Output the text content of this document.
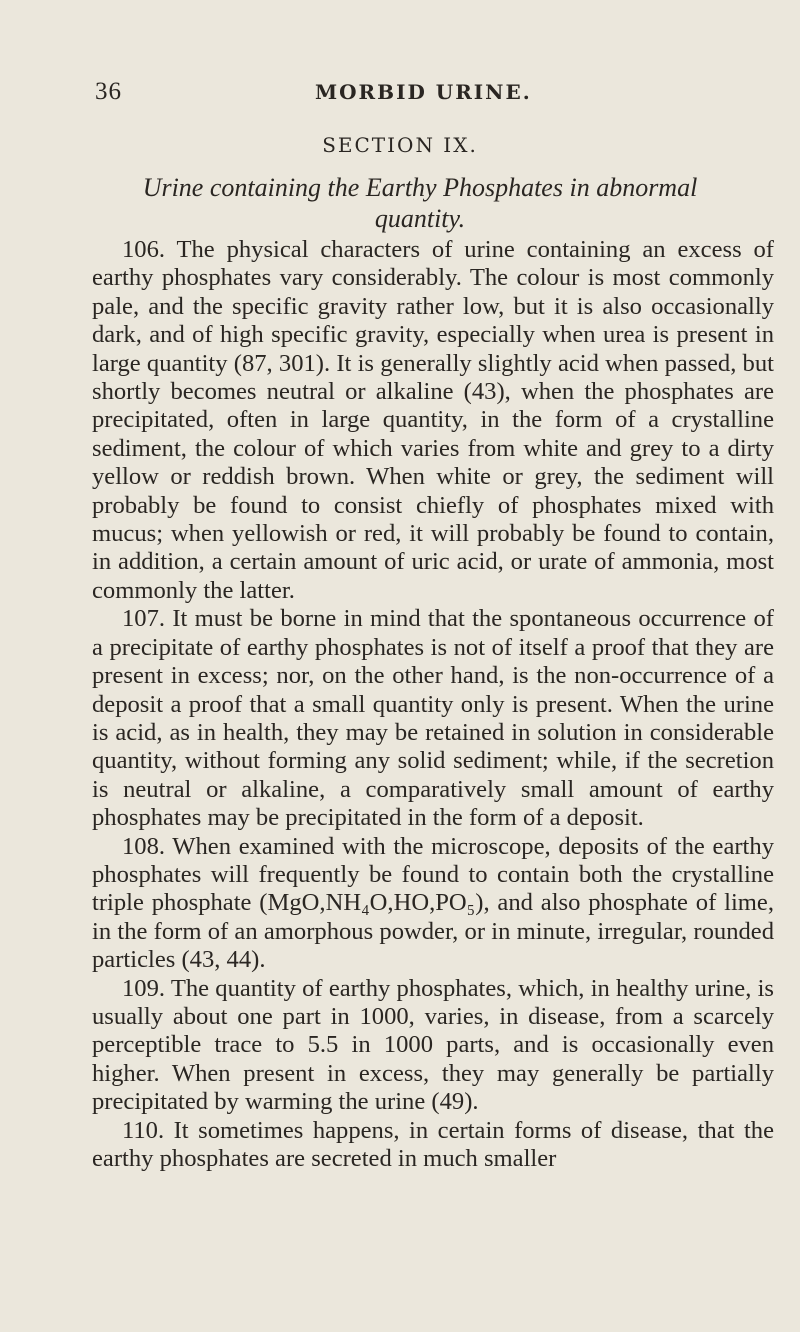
36	MORBID URINE.
SECTION IX.
Urine containing the Earthy Phosphates in abnormal quantity.

106. The physical characters of urine containing an excess of earthy phosphates vary considerably. The colour is most commonly pale, and the specific gravity rather low, but it is also occasionally dark, and of high specific gravity, especially when urea is present in large quantity (87, 301). It is generally slightly acid when passed, but shortly becomes neutral or alkaline (43), when the phosphates are precipitated, often in large quantity, in the form of a crystalline sediment, the colour of which varies from white and grey to a dirty yellow or reddish brown. When white or grey, the sediment will probably be found to consist chiefly of phosphates mixed with mucus; when yellowish or red, it will probably be found to contain, in addition, a certain amount of uric acid, or urate of ammonia, most commonly the latter.

107. It must be borne in mind that the spontaneous occurrence of a precipitate of earthy phosphates is not of itself a proof that they are present in excess; nor, on the other hand, is the non-occurrence of a deposit a proof that a small quantity only is present. When the urine is acid, as in health, they may be retained in solution in considerable quantity, without forming any solid sediment; while, if the secretion is neutral or alkaline, a comparatively small amount of earthy phosphates may be precipitated in the form of a deposit.

108. When examined with the microscope, deposits of the earthy phosphates will frequently be found to contain both the crystalline triple phosphate (MgO,NH₄O,HO,PO₅), and also phosphate of lime, in the form of an amorphous powder, or in minute, irregular, rounded particles (43, 44).

109. The quantity of earthy phosphates, which, in healthy urine, is usually about one part in 1000, varies, in disease, from a scarcely perceptible trace to 5.5 in 1000 parts, and is occasionally even higher. When present in excess, they may generally be partially precipitated by warming the urine (49).

110. It sometimes happens, in certain forms of disease, that the earthy phosphates are secreted in much smaller
